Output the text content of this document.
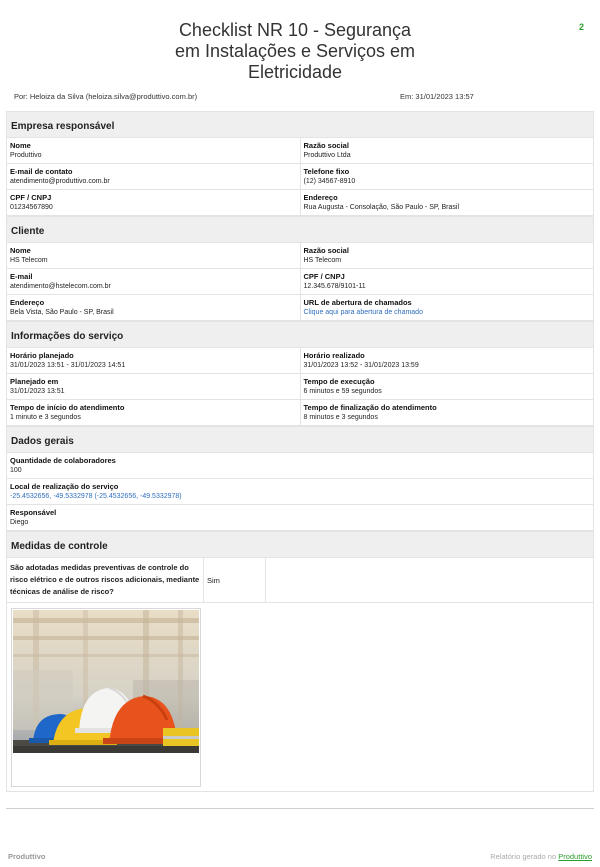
2
Checklist NR 10 - Segurança
em Instalações e Serviços em
Eletricidade
Por: Heloiza da Silva (heloiza.silva@produttivo.com.br)	Em: 31/01/2023 13:57
Empresa responsável
Nome
Produttivo
Razão social
Produttivo Ltda
E-mail de contato
atendimento@produttivo.com.br
Telefone fixo
(12) 34567-8910
CPF / CNPJ
01234567890
Endereço
Rua Augusta - Consolação, São Paulo - SP, Brasil
Cliente
Nome
HS Telecom
Razão social
HS Telecom
E-mail
atendimento@hstelecom.com.br
CPF / CNPJ
12.345.678/9101-11
Endereço
Bela Vista, São Paulo - SP, Brasil
URL de abertura de chamados
Clique aqui para abertura de chamado
Informações do serviço
Horário planejado
31/01/2023 13:51 - 31/01/2023 14:51
Horário realizado
31/01/2023 13:52 - 31/01/2023 13:59
Planejado em
31/01/2023 13:51
Tempo de execução
6 minutos e 59 segundos
Tempo de início do atendimento
1 minuto e 3 segundos
Tempo de finalização do atendimento
8 minutos e 3 segundos
Dados gerais
Quantidade de colaboradores
100
Local de realização do serviço
-25.4532656, -49.5332978 (-25.4532656, -49.5332978)
Responsável
Diego
Medidas de controle
São adotadas medidas preventivas de controle do risco elétrico e de outros riscos adicionais, mediante técnicas de análise de risco?
Sim
Produttivo	Relatório gerado no Produttivo
